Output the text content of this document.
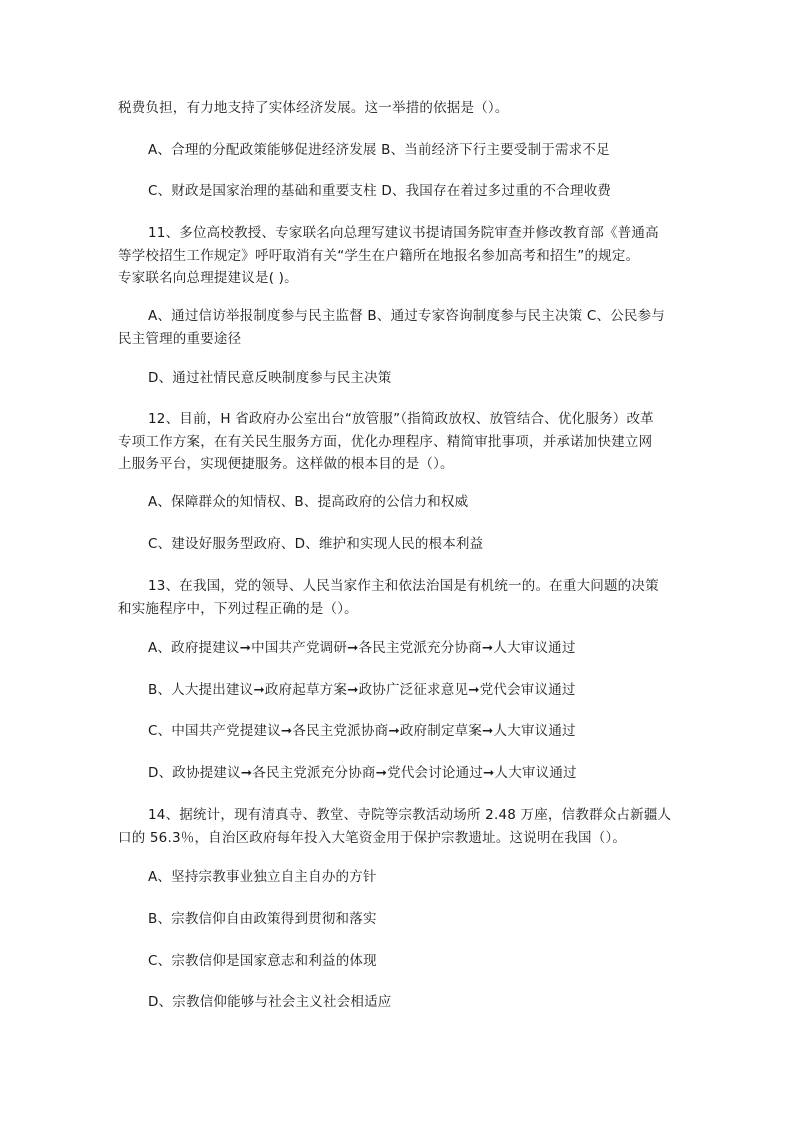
税费负担，有力地支持了实体经济发展。这一举措的依据是（）。
A、合理的分配政策能够促进经济发展 B、当前经济下行主要受制于需求不足
C、财政是国家治理的基础和重要支柱 D、我国存在着过多过重的不合理收费
11、多位高校教授、专家联名向总理写建议书提请国务院审查并修改教育部《普通高
等学校招生工作规定》呼吁取消有关“学生在户籍所在地报名参加高考和招生”的规定。
专家联名向总理提建议是( )。
A、通过信访举报制度参与民主监督 B、通过专家咨询制度参与民主决策 C、公民参与
民主管理的重要途径
D、通过社情民意反映制度参与民主决策
12、目前，H 省政府办公室出台“放管服”（指简政放权、放管结合、优化服务）改革
专项工作方案，在有关民生服务方面，优化办理程序、精简审批事项，并承诺加快建立网
上服务平台，实现便捷服务。这样做的根本目的是（）。
A、保障群众的知情权、B、提高政府的公信力和权威
C、建设好服务型政府、D、维护和实现人民的根本利益
13、在我国，党的领导、人民当家作主和依法治国是有机统一的。在重大问题的决策
和实施程序中，下列过程正确的是（）。
A、政府提建议➞中国共产党调研➞各民主党派充分协商➞人大审议通过
B、人大提出建议➞政府起草方案➞政协广泛征求意见➞党代会审议通过
C、中国共产党提建议➞各民主党派协商➞政府制定草案➞人大审议通过
D、政协提建议➞各民主党派充分协商➞党代会讨论通过➞人大审议通过
14、据统计，现有清真寺、教堂、寺院等宗教活动场所 2.48 万座，信教群众占新疆人
口的 56.3％，自治区政府每年投入大笔资金用于保护宗教遗址。这说明在我国（）。
A、坚持宗教事业独立自主自办的方针
B、宗教信仰自由政策得到贯彻和落实
C、宗教信仰是国家意志和利益的体现
D、宗教信仰能够与社会主义社会相适应
